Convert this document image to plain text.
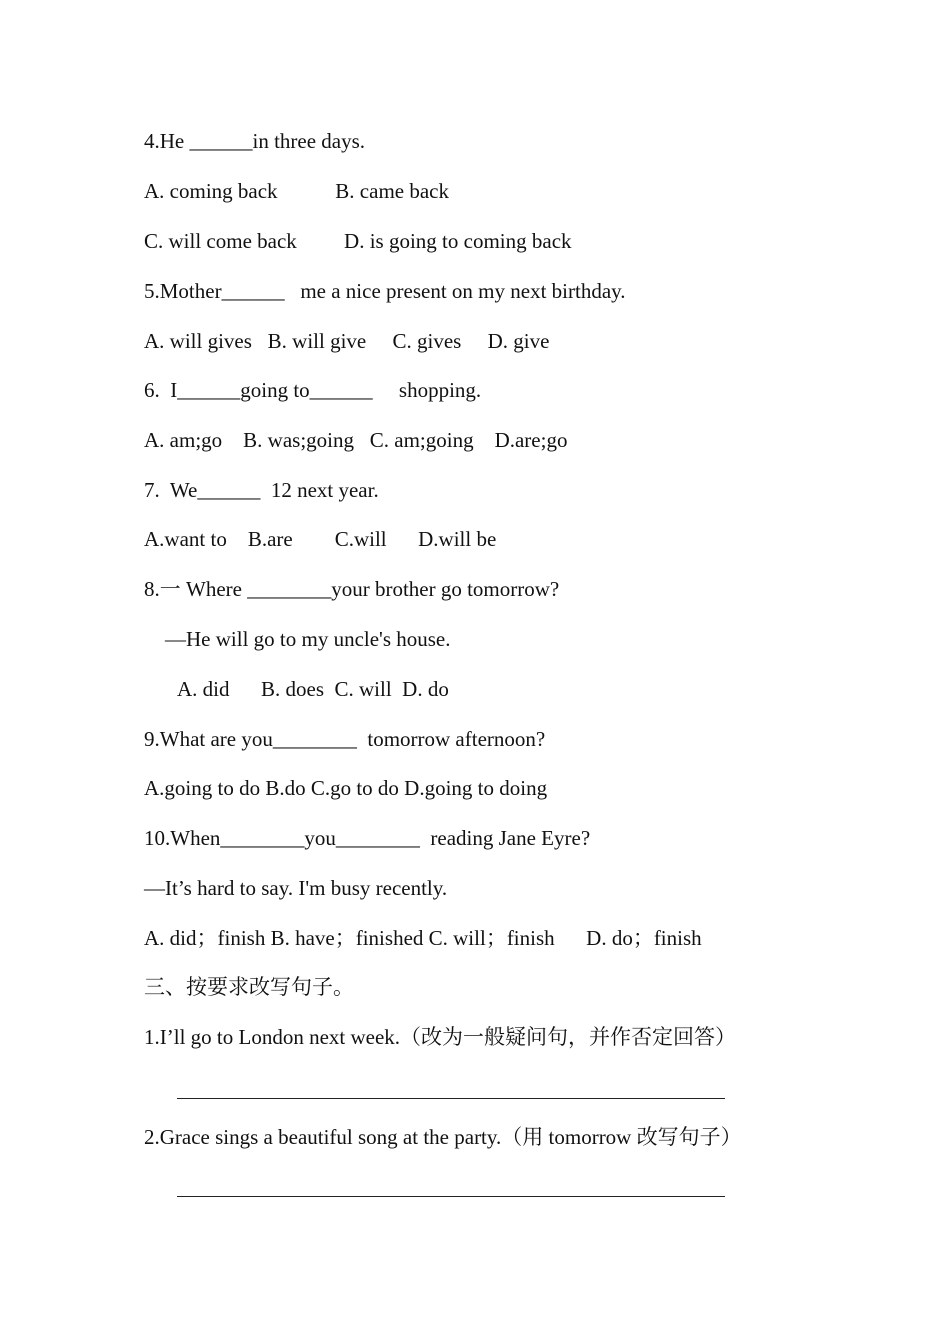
4.He ______in three days.
A. coming back           B. came back
C. will come back         D. is going to coming back
5.Mother______   me a nice present on my next birthday.
A. will gives   B. will give     C. gives     D. give
6.  I______going to______     shopping.
A. am;go    B. was;going   C. am;going    D.are;go
7.  We______  12 next year.
A.want to    B.are        C.will      D.will be
8.一 Where ________your brother go tomorrow?
—He will go to my uncle's house.
A. did      B. does  C. will  D. do
9.What are you________  tomorrow afternoon?
A.going to do B.do C.go to do D.going to doing
10.When________you________  reading Jane Eyre?
—It’s hard to say. I'm busy recently.
A. did；finish B. have；finished C. will；finish      D. do；finish
三、按要求改写句子。
1.I’ll go to London next week.（改为一般疑问句，并作否定回答）
2.Grace sings a beautiful song at the party.（用 tomorrow 改写句子）
